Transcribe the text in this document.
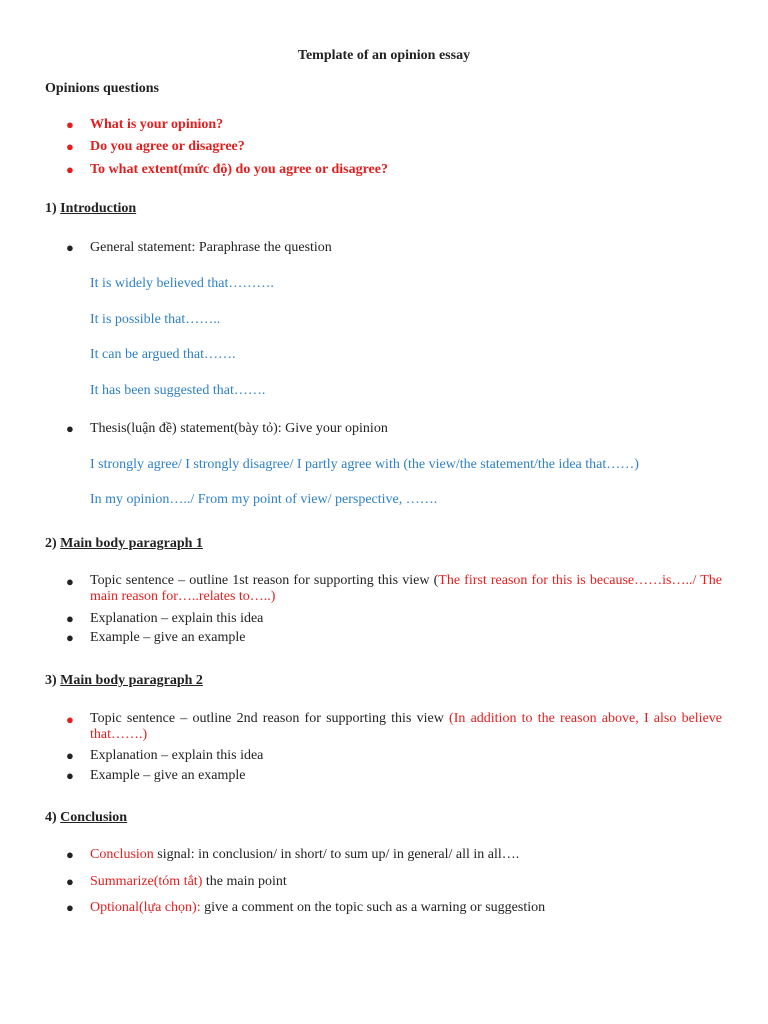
Template of an opinion essay
Opinions questions
● What is your opinion?
● Do you agree or disagree?
● To what extent(mức độ) do you agree or disagree?
1) Introduction
● General statement: Paraphrase the question
It is widely believed that……….
It is possible that……..
It can be argued that…….
It has been suggested that…….
● Thesis(luận đề) statement(bày tỏ): Give your opinion
I strongly agree/ I strongly disagree/ I partly agree with (the view/the statement/the idea that……)
In my opinion…../ From my point of view/ perspective, …….
2) Main body paragraph 1
● Topic sentence – outline 1st reason for supporting this view (The first reason for this is because……is…../ The main reason for…..relates to…..)
● Explanation – explain this idea
● Example – give an example
3) Main body paragraph 2
● Topic sentence – outline 2nd reason for supporting this view (In addition to the reason above, I also believe that…….)
● Explanation – explain this idea
● Example – give an example
4) Conclusion
● Conclusion signal: in conclusion/ in short/ to sum up/ in general/ all in all….
● Summarize(tóm tắt) the main point
● Optional(lựa chọn): give a comment on the topic such as a warning or suggestion
